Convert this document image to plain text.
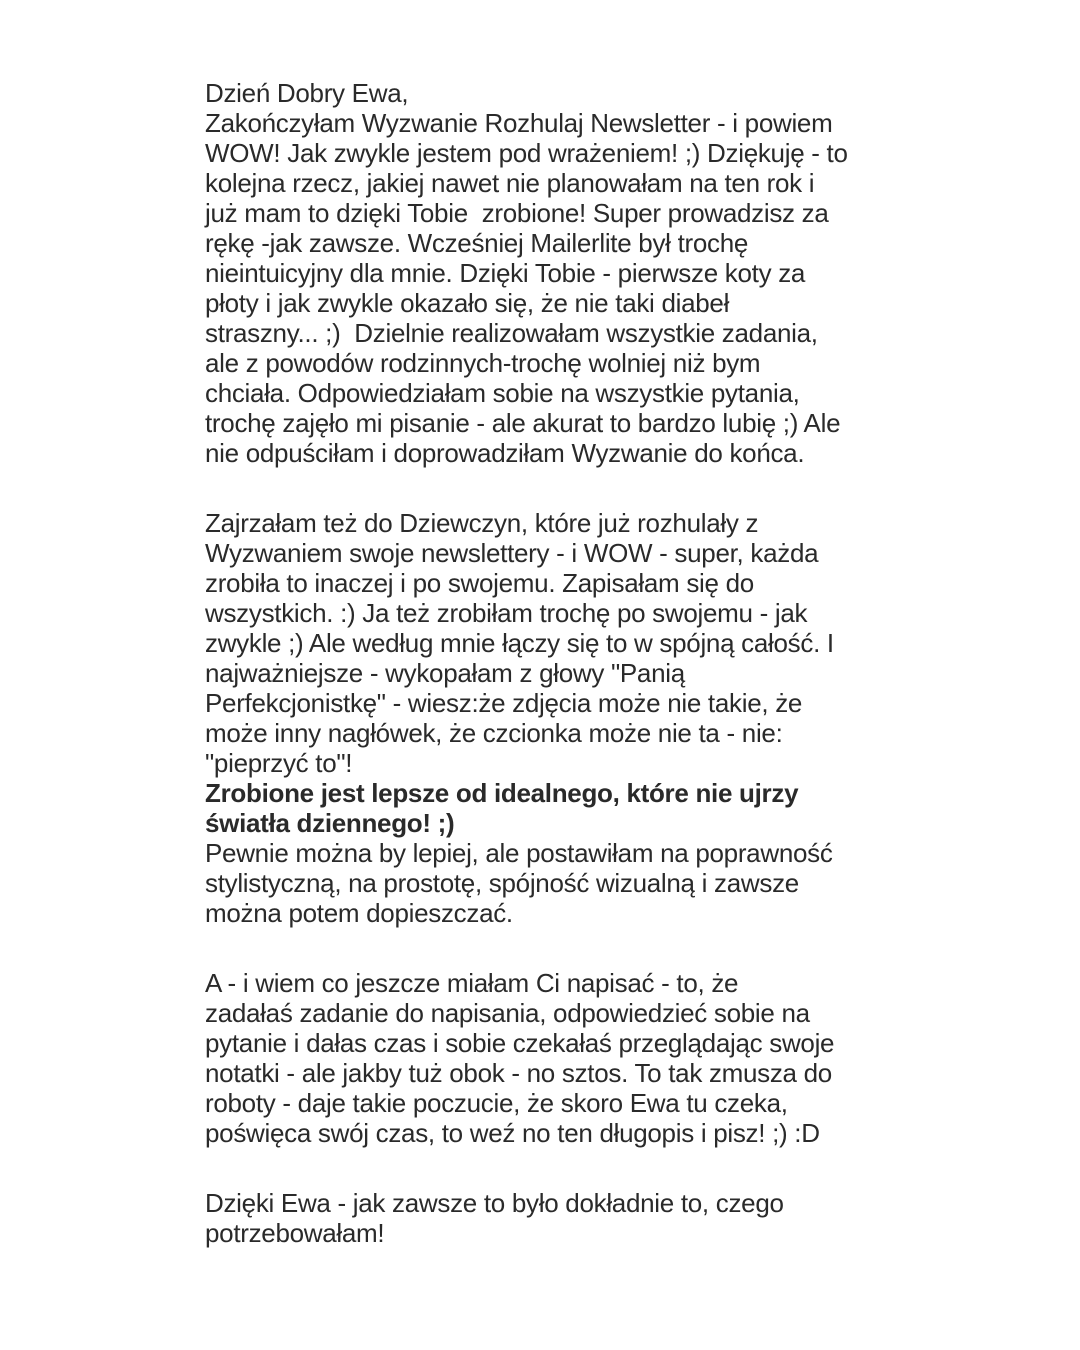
Dzień Dobry Ewa,
Zakończyłam Wyzwanie Rozhulaj Newsletter - i powiem
WOW! Jak zwykle jestem pod wrażeniem! ;) Dziękuję - to
kolejna rzecz, jakiej nawet nie planowałam na ten rok i
już mam to dzięki Tobie  zrobione! Super prowadzisz za
rękę -jak zawsze. Wcześniej Mailerlite był trochę
nieintuicyjny dla mnie. Dzięki Tobie - pierwsze koty za
płoty i jak zwykle okazało się, że nie taki diabeł
straszny... ;)  Dzielnie realizowałam wszystkie zadania,
ale z powodów rodzinnych-trochę wolniej niż bym
chciała. Odpowiedziałam sobie na wszystkie pytania,
trochę zajęło mi pisanie - ale akurat to bardzo lubię ;) Ale
nie odpuściłam i doprowadziłam Wyzwanie do końca.
Zajrzałam też do Dziewczyn, które już rozhulały z
Wyzwaniem swoje newslettery - i WOW - super, każda
zrobiła to inaczej i po swojemu. Zapisałam się do
wszystkich. :) Ja też zrobiłam trochę po swojemu - jak
zwykle ;) Ale według mnie łączy się to w spójną całość. I
najważniejsze - wykopałam z głowy "Panią
Perfekcjonistkę" - wiesz:że zdjęcia może nie takie, że
może inny nagłówek, że czcionka może nie ta - nie:
"pieprzyć to"!
Zrobione jest lepsze od idealnego, które nie ujrzy
światła dziennego! ;)
Pewnie można by lepiej, ale postawiłam na poprawność
stylistyczną, na prostotę, spójność wizualną i zawsze
można potem dopieszczać.
A - i wiem co jeszcze miałam Ci napisać - to, że
zadałaś zadanie do napisania, odpowiedzieć sobie na
pytanie i dałas czas i sobie czekałaś przeglądając swoje
notatki - ale jakby tuż obok - no sztos. To tak zmusza do
roboty - daje takie poczucie, że skoro Ewa tu czeka,
poświęca swój czas, to weź no ten długopis i pisz! ;) :D
Dzięki Ewa - jak zawsze to było dokładnie to, czego
potrzebowałam!
